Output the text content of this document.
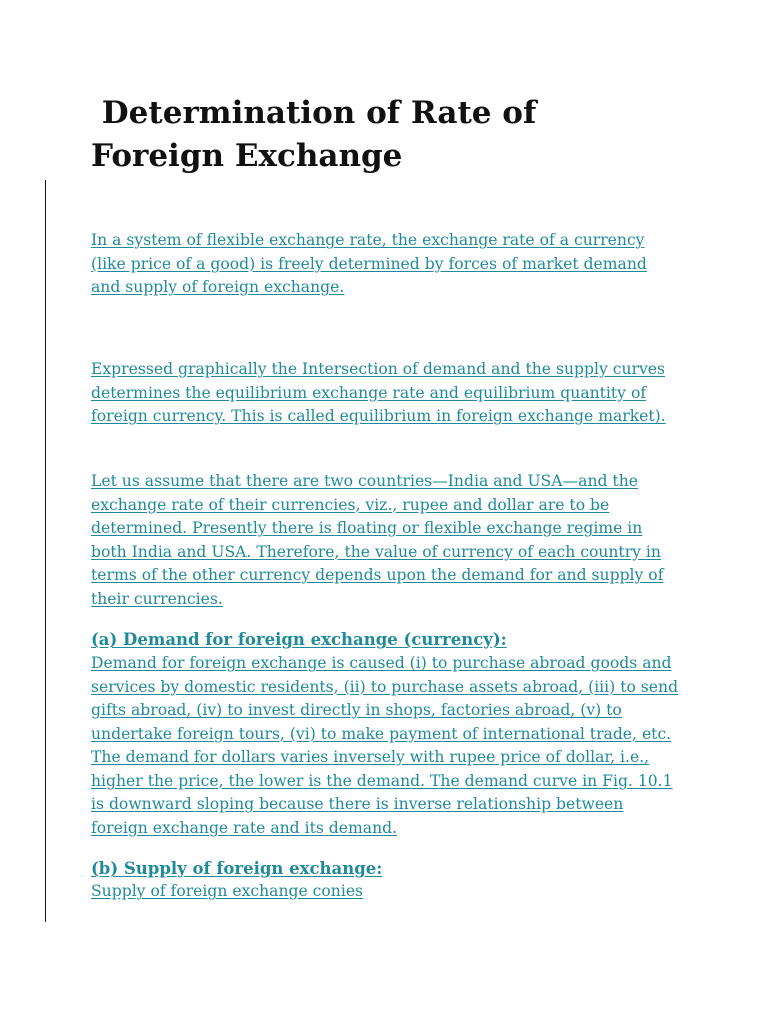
Determination of Rate of
Foreign Exchange

In a system of flexible exchange rate, the exchange rate of a currency (like price of a good) is freely determined by forces of market demand and supply of foreign exchange.

Expressed graphically the Intersection of demand and the supply curves determines the equilibrium exchange rate and equilibrium quantity of foreign currency. This is called equilibrium in foreign exchange market).

Let us assume that there are two countries—India and USA—and the exchange rate of their currencies, viz., rupee and dollar are to be determined. Presently there is floating or flexible exchange regime in both India and USA. Therefore, the value of currency of each country in terms of the other currency depends upon the demand for and supply of their currencies.

(a) Demand for foreign exchange (currency):

Demand for foreign exchange is caused (i) to purchase abroad goods and services by domestic residents, (ii) to purchase assets abroad, (iii) to send gifts abroad, (iv) to invest directly in shops, factories abroad, (v) to undertake foreign tours, (vi) to make payment of international trade, etc. The demand for dollars varies inversely with rupee price of dollar, i.e., higher the price, the lower is the demand. The demand curve in Fig. 10.1 is downward sloping because there is inverse relationship between foreign exchange rate and its demand.

(b) Supply of foreign exchange:

Supply of foreign exchange conies
